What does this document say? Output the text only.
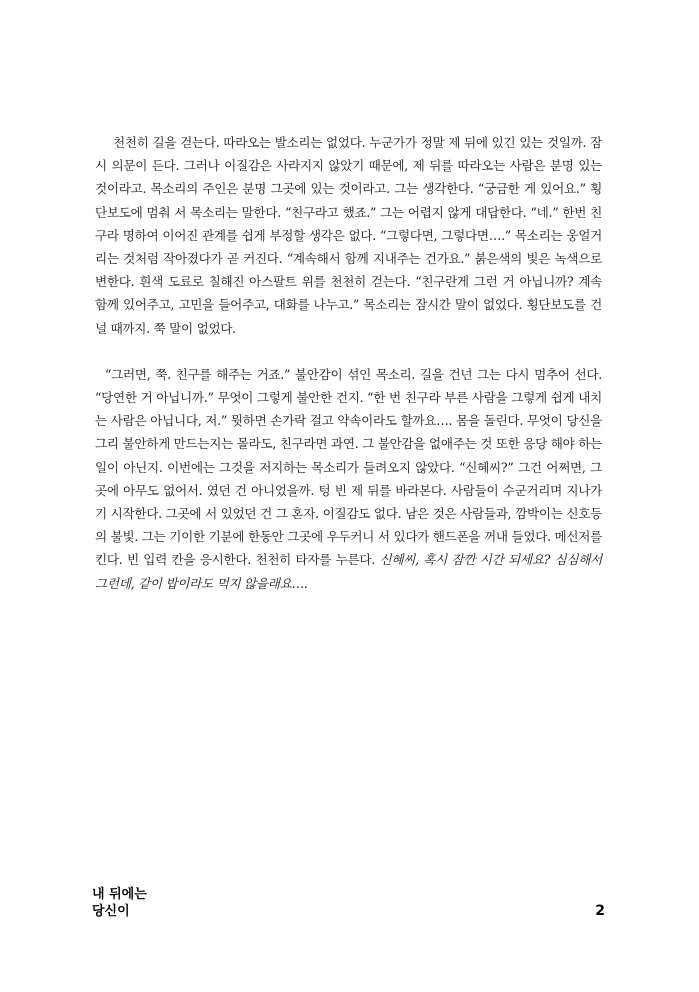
천천히 길을 걷는다. 따라오는 발소리는 없었다. 누군가가 정말 제 뒤에 있긴 있는 것일까. 잠시 의문이 든다. 그러나 이질감은 사라지지 않았기 때문에, 제 뒤를 따라오는 사람은 분명 있는 것이라고. 목소리의 주인은 분명 그곳에 있는 것이라고. 그는 생각한다. “궁금한 게 있어요.” 횡단보도에 멈춰 서 목소리는 말한다. “친구라고 했죠.” 그는 어렵지 않게 대답한다. “네.” 한번 친구라 명하여 이어진 관계를 쉽게 부정할 생각은 없다. “그렇다면, 그렇다면….” 목소리는 웅얼거리는 것처럼 작아졌다가 곧 커진다. “계속해서 함께 지내주는 건가요.” 붉은색의 빛은 녹색으로 변한다. 흰색 도료로 칠해진 아스팔트 위를 천천히 걷는다. “친구란게 그런 거 아닙니까? 계속 함께 있어주고, 고민을 들어주고, 대화를 나누고.” 목소리는 잠시간 말이 없었다. 횡단보도를 건널 때까지. 쭉 말이 없었다.

“그러면, 쭉. 친구를 해주는 거죠.” 불안감이 섞인 목소리. 길을 건넌 그는 다시 멈추어 선다. “당연한 거 아닙니까.” 무엇이 그렇게 불안한 건지. “한 번 친구라 부른 사람을 그렇게 쉽게 내치는 사람은 아닙니다, 저.” 뭣하면 손가락 걸고 약속이라도 할까요…. 몸을 돌린다. 무엇이 당신을 그리 불안하게 만드는지는 몰라도, 친구라면 과연. 그 불안감을 없애주는 것 또한 응당 해야 하는 일이 아닌지. 이번에는 그것을 저지하는 목소리가 들려오지 않았다. “신혜씨?” 그건 어쩌면, 그곳에 아무도 없어서. 였던 건 아니었을까. 텅 빈 제 뒤를 바라본다. 사람들이 수군거리며 지나가기 시작한다. 그곳에 서 있었던 건 그 혼자. 이질감도 없다. 남은 것은 사람들과, 깜박이는 신호등의 불빛. 그는 기이한 기분에 한동안 그곳에 우두커니 서 있다가 핸드폰을 꺼내 들었다. 메신저를 킨다. 빈 입력 칸을 응시한다. 천천히 타자를 누른다. 신혜씨, 혹시 잠깐 시간 되세요? 심심해서 그런데, 같이 밥이라도 먹지 않을래요….

내 뒤에는
당신이	2
